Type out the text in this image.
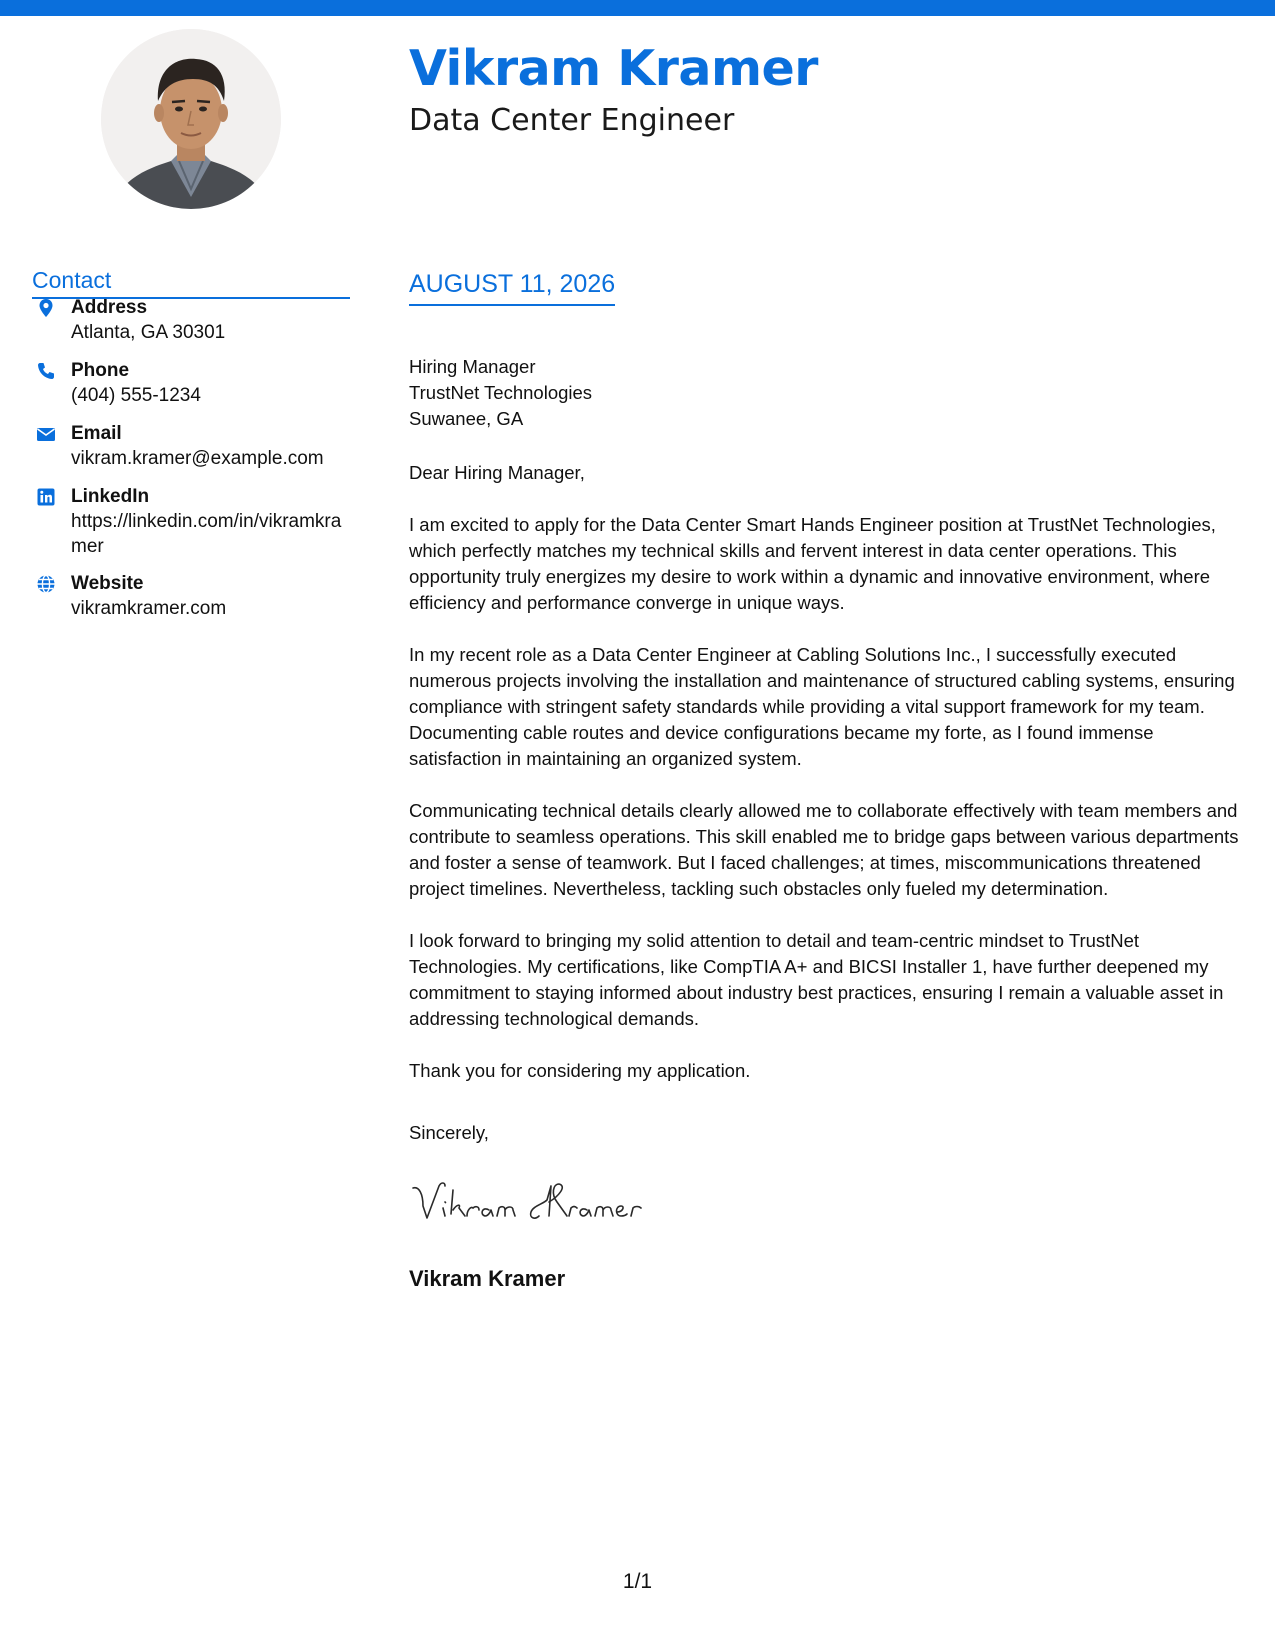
Vikram Kramer
Data Center Engineer
Contact
Address
Atlanta, GA 30301
Phone
(404) 555-1234
Email
vikram.kramer@example.com
LinkedIn
https://linkedin.com/in/vikramkramer
Website
vikramkramer.com
AUGUST 11, 2026

Hiring Manager
TrustNet Technologies
Suwanee, GA

Dear Hiring Manager,

I am excited to apply for the Data Center Smart Hands Engineer position at TrustNet Technologies, which perfectly matches my technical skills and fervent interest in data center operations. This opportunity truly energizes my desire to work within a dynamic and innovative environment, where efficiency and performance converge in unique ways.

In my recent role as a Data Center Engineer at Cabling Solutions Inc., I successfully executed numerous projects involving the installation and maintenance of structured cabling systems, ensuring compliance with stringent safety standards while providing a vital support framework for my team. Documenting cable routes and device configurations became my forte, as I found immense satisfaction in maintaining an organized system.

Communicating technical details clearly allowed me to collaborate effectively with team members and contribute to seamless operations. This skill enabled me to bridge gaps between various departments and foster a sense of teamwork. But I faced challenges; at times, miscommunications threatened project timelines. Nevertheless, tackling such obstacles only fueled my determination.

I look forward to bringing my solid attention to detail and team-centric mindset to TrustNet Technologies. My certifications, like CompTIA A+ and BICSI Installer 1, have further deepened my commitment to staying informed about industry best practices, ensuring I remain a valuable asset in addressing technological demands.

Thank you for considering my application.

Sincerely,
Vikram Kramer
1/1
